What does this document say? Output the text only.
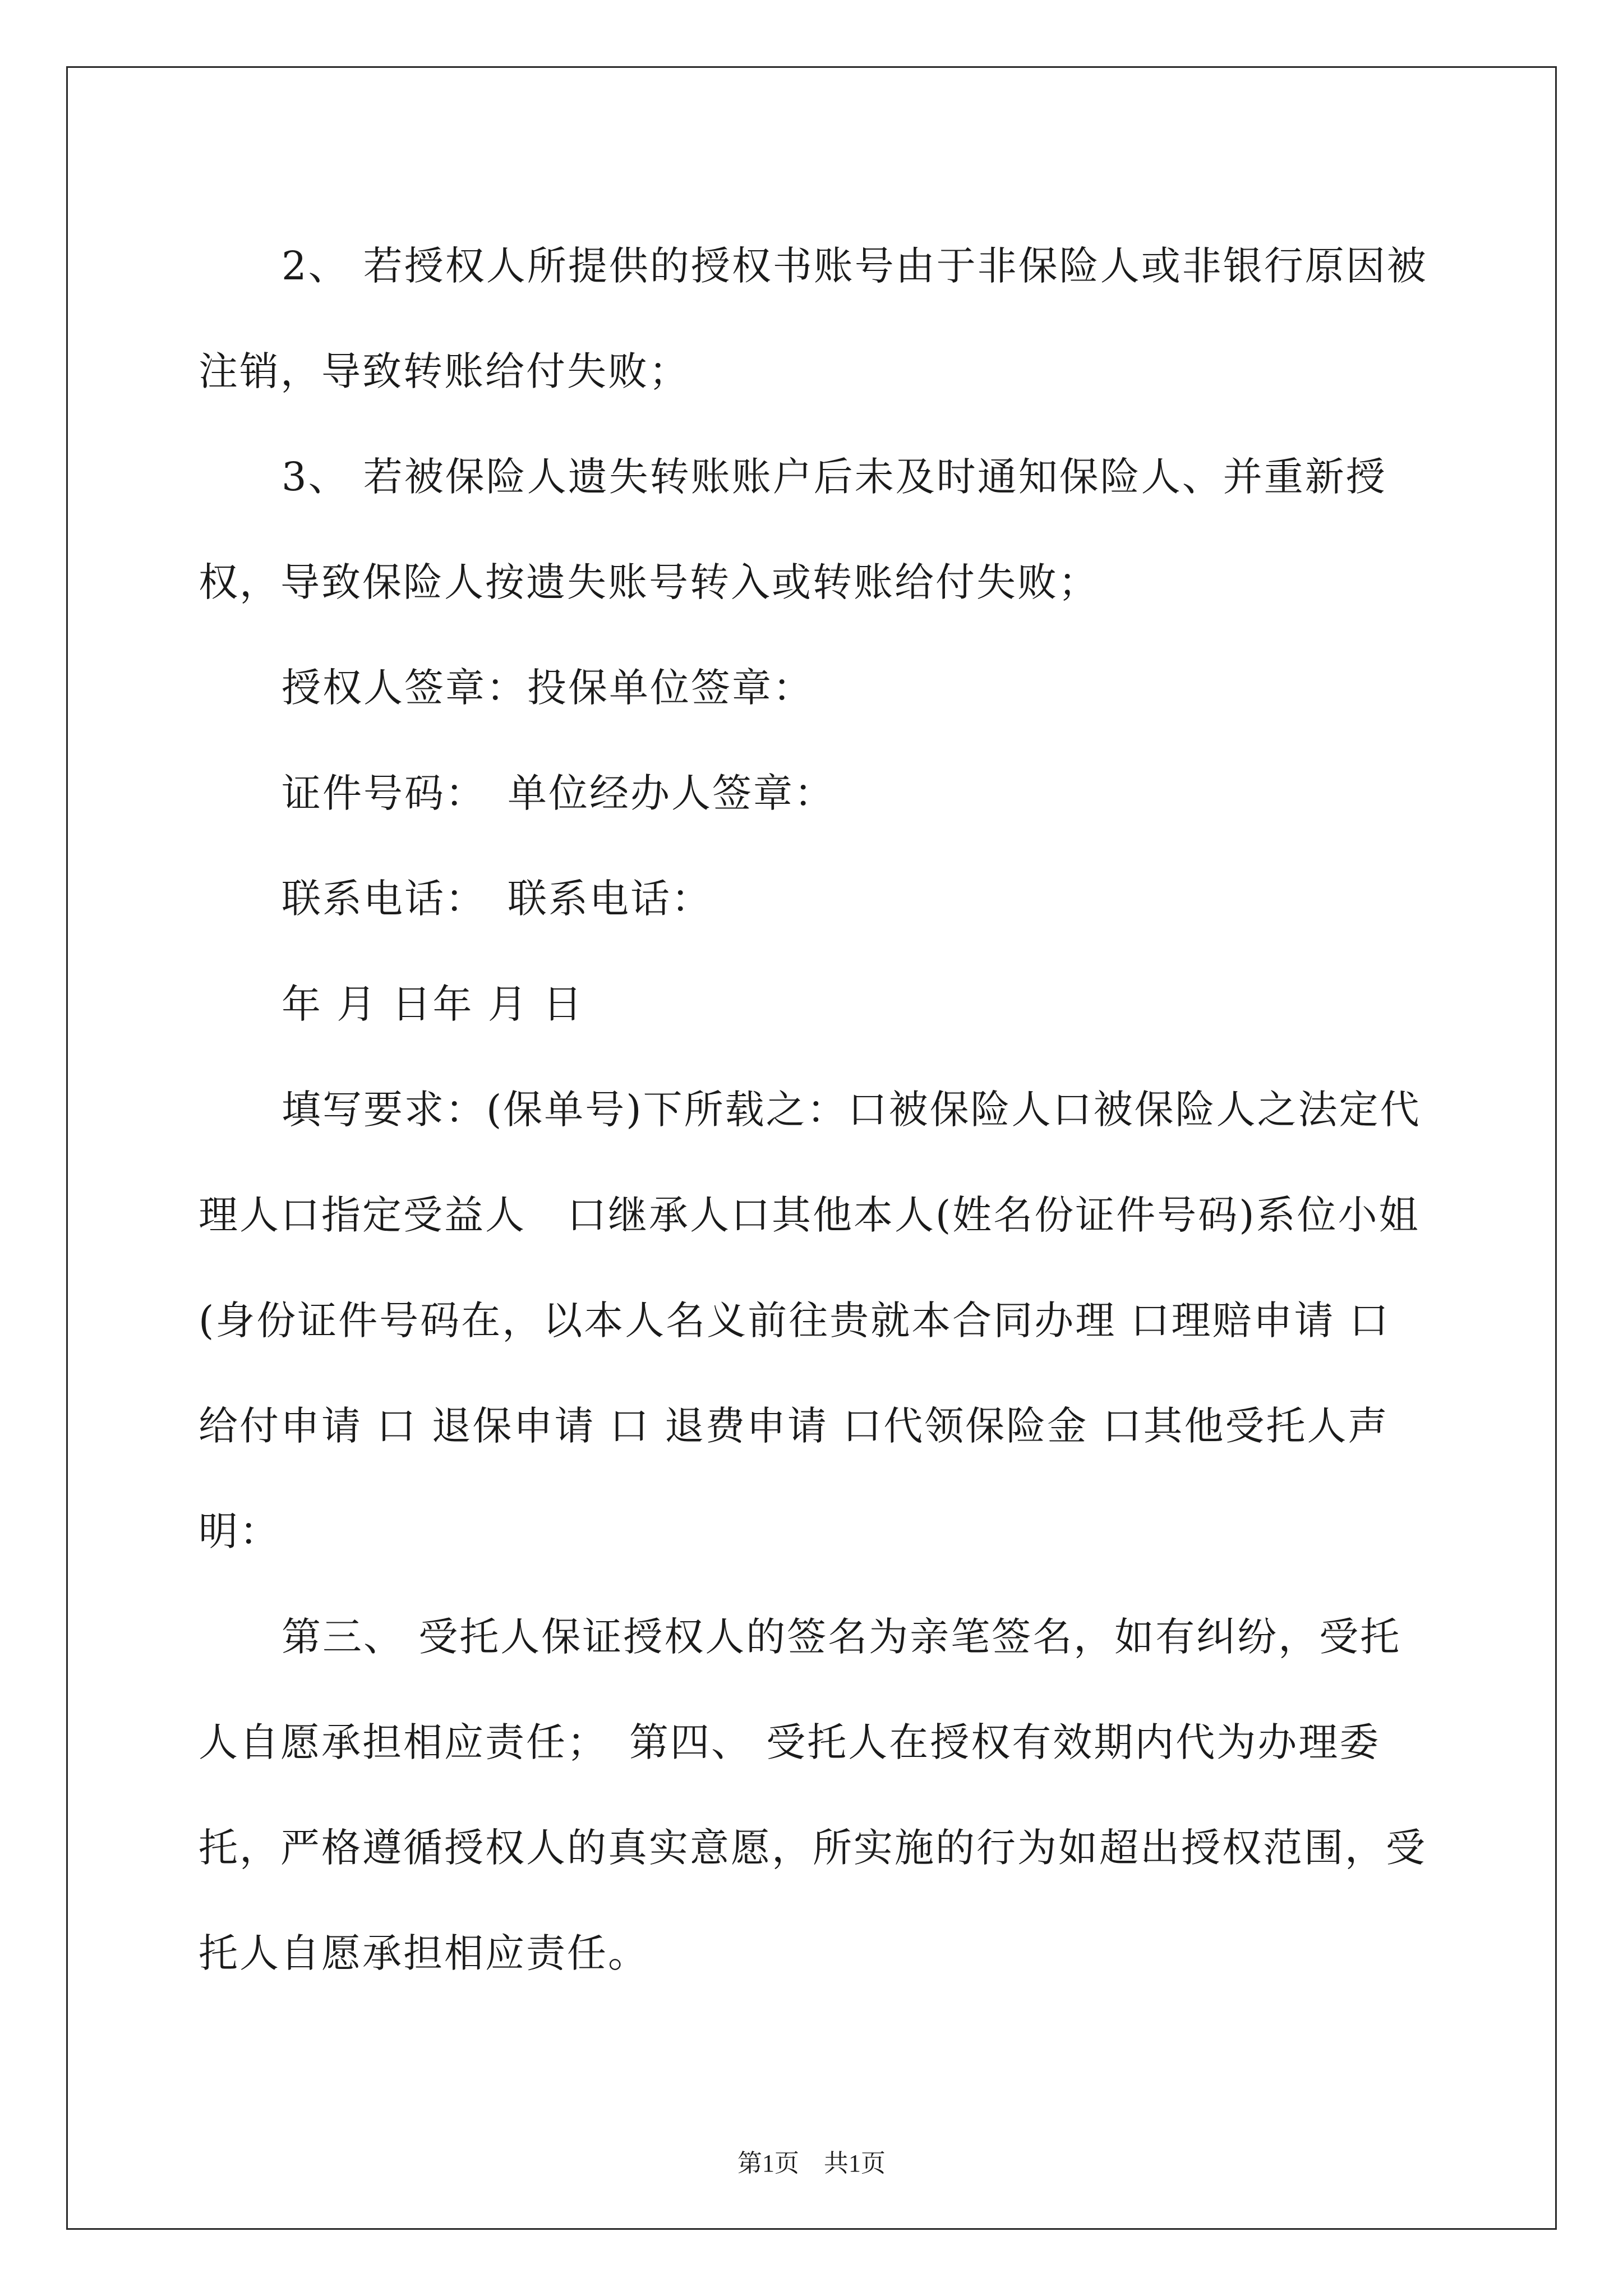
2、 若授权人所提供的授权书账号由于非保险人或非银行原因被注销，导致转账给付失败；

3、 若被保险人遗失转账账户后未及时通知保险人、并重新授权，导致保险人按遗失账号转入或转账给付失败；

授权人签章：投保单位签章：

证件号码：　单位经办人签章：

联系电话：　联系电话：

年 月 日年 月 日

填写要求：(保单号)下所载之：口被保险人口被保险人之法定代理人口指定受益人　口继承人口其他本人(姓名份证件号码)系位小姐(身份证件号码在，以本人名义前往贵就本合同办理 口理赔申请 口给付申请 口 退保申请 口 退费申请 口代领保险金 口其他受托人声明：

第三、 受托人保证授权人的签名为亲笔签名，如有纠纷，受托人自愿承担相应责任；　第四、 受托人在授权有效期内代为办理委托，严格遵循授权人的真实意愿，所实施的行为如超出授权范围，受托人自愿承担相应责任。

第1页　共1页
